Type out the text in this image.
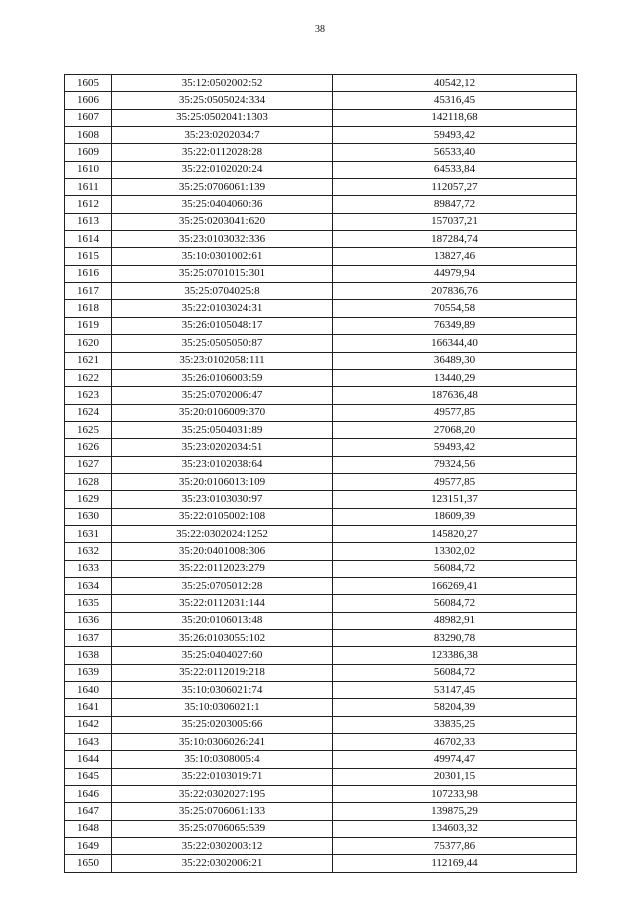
38
1605	35:12:0502002:52	40542,12
1606	35:25:0505024:334	45316,45
1607	35:25:0502041:1303	142118,68
1608	35:23:0202034:7	59493,42
1609	35:22:0112028:28	56533,40
1610	35:22:0102020:24	64533,84
1611	35:25:0706061:139	112057,27
1612	35:25:0404060:36	89847,72
1613	35:25:0203041:620	157037,21
1614	35:23:0103032:336	187284,74
1615	35:10:0301002:61	13827,46
1616	35:25:0701015:301	44979,94
1617	35:25:0704025:8	207836,76
1618	35:22:0103024:31	70554,58
1619	35:26:0105048:17	76349,89
1620	35:25:0505050:87	166344,40
1621	35:23:0102058:111	36489,30
1622	35:26:0106003:59	13440,29
1623	35:25:0702006:47	187636,48
1624	35:20:0106009:370	49577,85
1625	35:25:0504031:89	27068,20
1626	35:23:0202034:51	59493,42
1627	35:23:0102038:64	79324,56
1628	35:20:0106013:109	49577,85
1629	35:23:0103030:97	123151,37
1630	35:22:0105002:108	18609,39
1631	35:22:0302024:1252	145820,27
1632	35:20:0401008:306	13302,02
1633	35:22:0112023:279	56084,72
1634	35:25:0705012:28	166269,41
1635	35:22:0112031:144	56084,72
1636	35:20:0106013:48	48982,91
1637	35:26:0103055:102	83290,78
1638	35:25:0404027:60	123386,38
1639	35:22:0112019:218	56084,72
1640	35:10:0306021:74	53147,45
1641	35:10:0306021:1	58204,39
1642	35:25:0203005:66	33835,25
1643	35:10:0306026:241	46702,33
1644	35:10:0308005:4	49974,47
1645	35:22:0103019:71	20301,15
1646	35:22:0302027:195	107233,98
1647	35:25:0706061:133	139875,29
1648	35:25:0706065:539	134603,32
1649	35:22:0302003:12	75377,86
1650	35:22:0302006:21	112169,44
